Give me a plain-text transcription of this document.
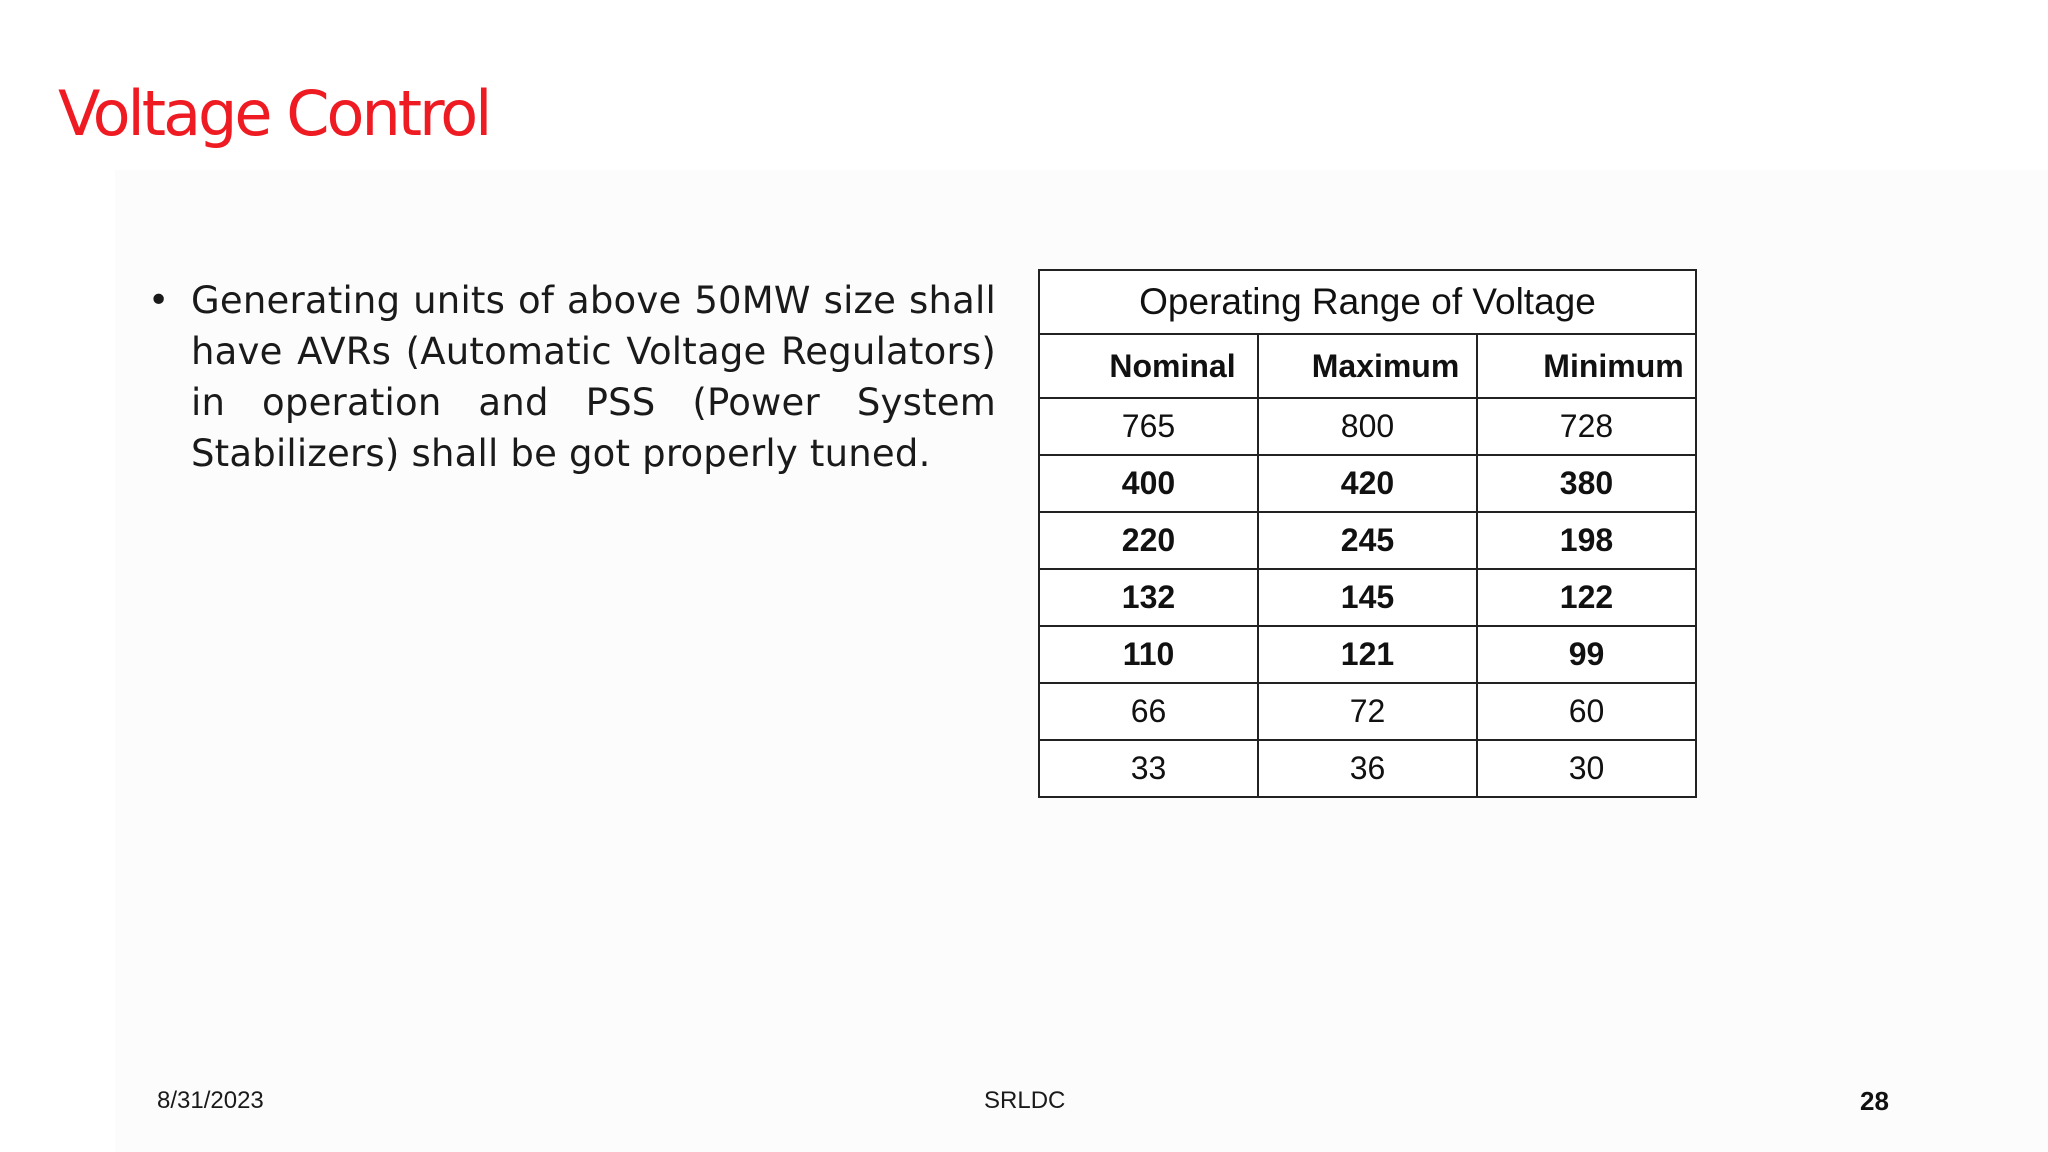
Voltage Control
• Generating units of above 50MW size shall have AVRs (Automatic Voltage Regulators) in operation and PSS (Power System Stabilizers) shall be got properly tuned.

Operating Range of Voltage		
Nominal	Maximum	Minimum
765	800	728
400	420	380
220	245	198
132	145	122
110	121	99
66	72	60
33	36	30
8/31/2023	SRLDC	28
